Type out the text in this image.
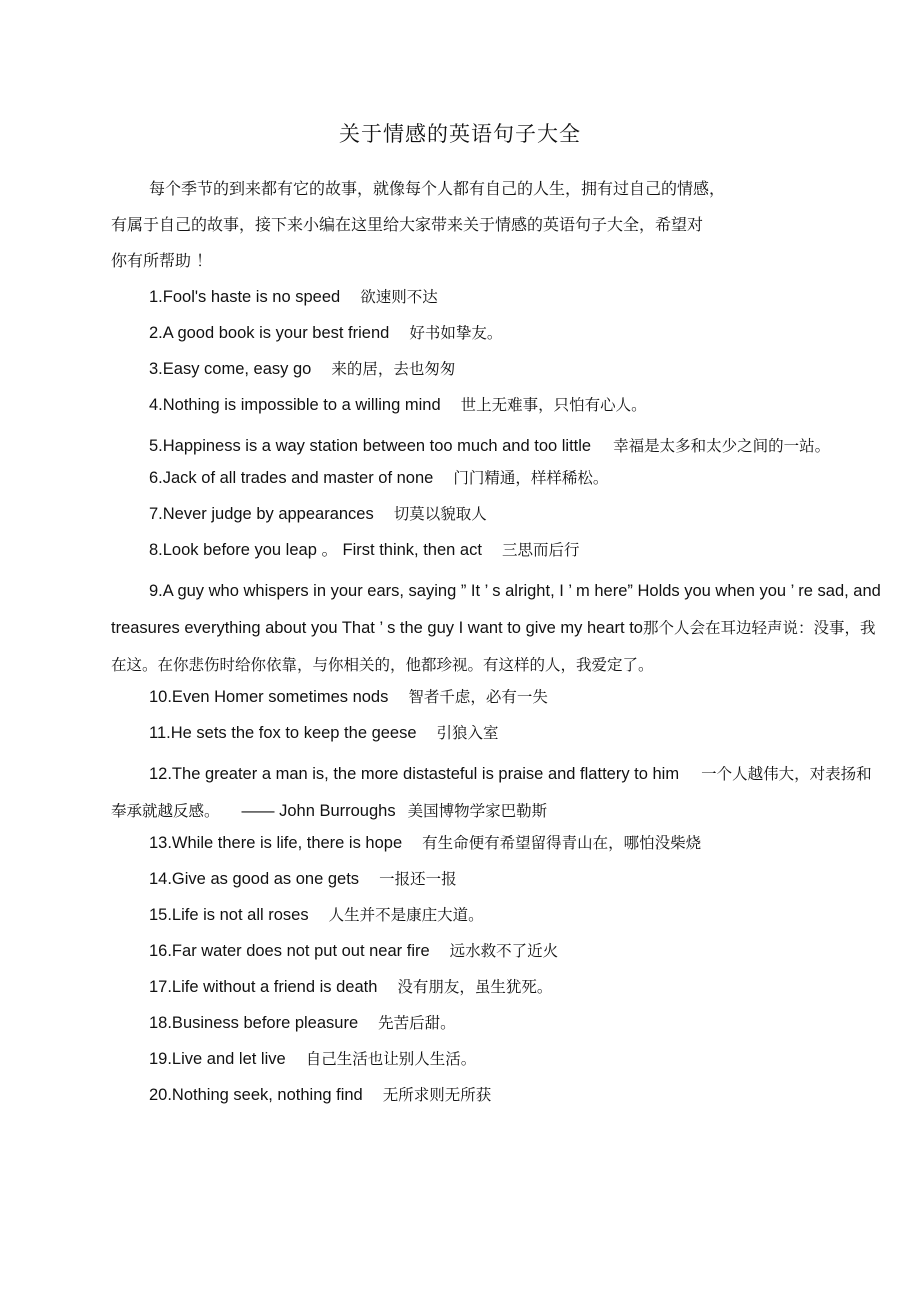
关于情感的英语句子大全
每个季节的到来都有它的故事，就像每个人都有自己的人生，拥有过自己的情感，
有属于自己的故事，接下来小编在这里给大家带来关于情感的英语句子大全，希望对
你有所帮助 ！
1.Fool's haste is no speed 欲速则不达
2.A good book is your best friend 好书如挚友。
3.Easy come, easy go 来的居，去也匆匆
4.Nothing is impossible to a willing mind 世上无难事，只怕有心人。
5.Happiness is a way station between too much and too little 幸福是太多和太少之间的一站。
6.Jack of all trades and master of none 门门精通，样样稀松。
7.Never judge by appearances 切莫以貌取人
8.Look before you leap 。 First think, then act 三思而后行
9.A guy who whispers in your ears, saying ” It ’ s alright, I ’ m here” Holds you when you ’ re sad, and treasures everything about you That ’ s the guy I want to give my heart to那个人会在耳边轻声说：没事，我在这。在你悲伤时给你依靠，与你相关的，他都珍视。有这样的人，我爱定了。
10.Even Homer sometimes nods 智者千虑，必有一失
11.He sets the fox to keep the geese 引狼入室
12.The greater a man is, the more distasteful is praise and flattery to him 一个人越伟大，对表扬和奉承就越反感。 —— John Burroughs 美国博物学家巴勒斯
13.While there is life, there is hope 有生命便有希望留得青山在，哪怕没柴烧
14.Give as good as one gets 一报还一报
15.Life is not all roses 人生并不是康庄大道。
16.Far water does not put out near fire 远水救不了近火
17.Life without a friend is death 没有朋友，虽生犹死。
18.Business before pleasure 先苦后甜。
19.Live and let live 自己生活也让别人生活。
20.Nothing seek, nothing find 无所求则无所获
